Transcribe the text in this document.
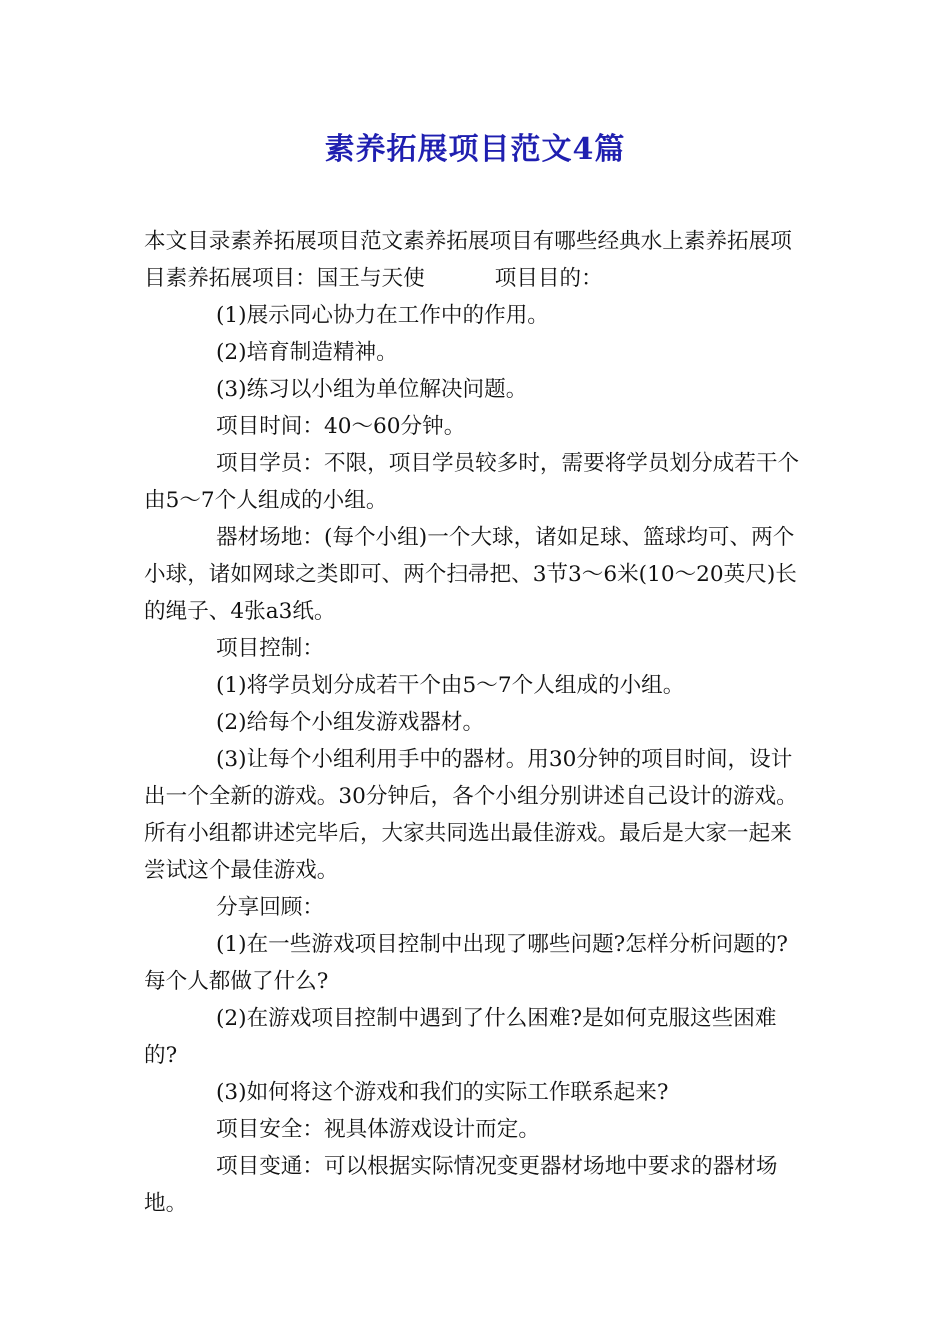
素养拓展项目范文4篇

本文目录素养拓展项目范文素养拓展项目有哪些经典水上素养拓展项目素养拓展项目：国王与天使	项目目的：

(1)展示同心协力在工作中的作用。

(2)培育制造精神。

(3)练习以小组为单位解决问题。

项目时间：40～60分钟。

项目学员：不限，项目学员较多时，需要将学员划分成若干个由5～7个人组成的小组。

器材场地：(每个小组)一个大球，诸如足球、篮球均可、两个小球，诸如网球之类即可、两个扫帚把、3节3～6米(10～20英尺)长的绳子、4张a3纸。

项目控制：

(1)将学员划分成若干个由5～7个人组成的小组。

(2)给每个小组发游戏器材。

(3)让每个小组利用手中的器材。用30分钟的项目时间，设计出一个全新的游戏。30分钟后，各个小组分别讲述自己设计的游戏。所有小组都讲述完毕后，大家共同选出最佳游戏。最后是大家一起来尝试这个最佳游戏。

分享回顾：

(1)在一些游戏项目控制中出现了哪些问题?怎样分析问题的?每个人都做了什么?

(2)在游戏项目控制中遇到了什么困难?是如何克服这些困难的?

(3)如何将这个游戏和我们的实际工作联系起来?

项目安全：视具体游戏设计而定。

项目变通：可以根据实际情况变更器材场地中要求的器材场地。
